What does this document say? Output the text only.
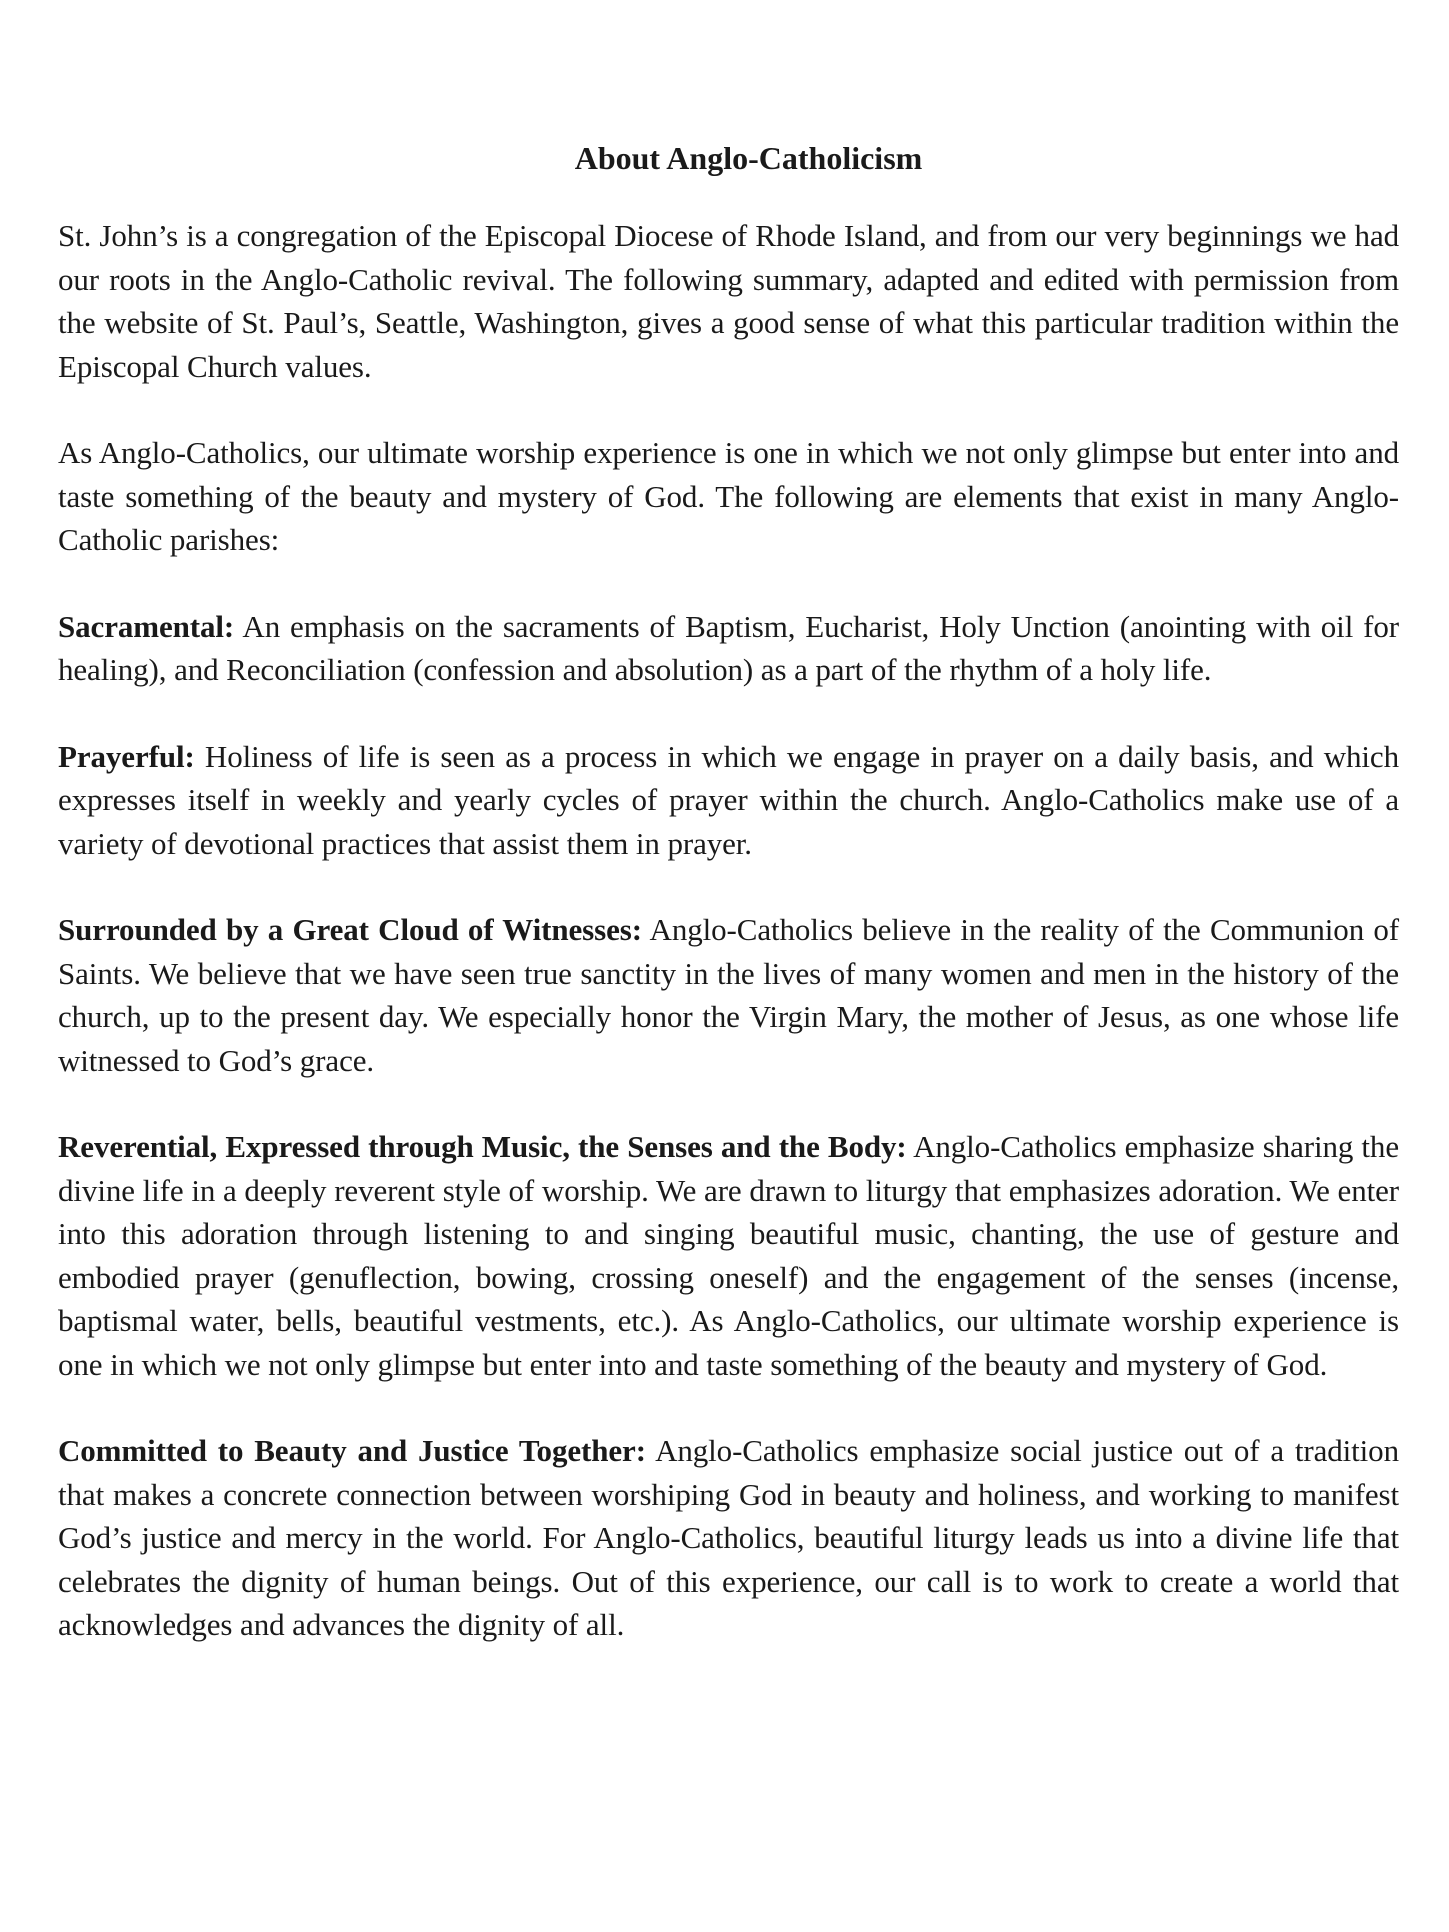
About Anglo-Catholicism

St. John’s is a congregation of the Episcopal Diocese of Rhode Island, and from our very beginnings we had our roots in the Anglo-Catholic revival. The following summary, adapted and edited with permission from the website of St. Paul’s, Seattle, Washington, gives a good sense of what this particular tradition within the Episcopal Church values.

As Anglo-Catholics, our ultimate worship experience is one in which we not only glimpse but enter into and taste something of the beauty and mystery of God. The following are elements that exist in many Anglo-Catholic parishes:

Sacramental: An emphasis on the sacraments of Baptism, Eucharist, Holy Unction (anointing with oil for healing), and Reconciliation (confession and absolution) as a part of the rhythm of a holy life.

Prayerful: Holiness of life is seen as a process in which we engage in prayer on a daily basis, and which expresses itself in weekly and yearly cycles of prayer within the church. Anglo-Catholics make use of a variety of devotional practices that assist them in prayer.

Surrounded by a Great Cloud of Witnesses: Anglo-Catholics believe in the reality of the Communion of Saints. We believe that we have seen true sanctity in the lives of many women and men in the history of the church, up to the present day. We especially honor the Virgin Mary, the mother of Jesus, as one whose life witnessed to God’s grace.

Reverential, Expressed through Music, the Senses and the Body: Anglo-Catholics emphasize sharing the divine life in a deeply reverent style of worship. We are drawn to liturgy that emphasizes adoration. We enter into this adoration through listening to and singing beautiful music, chanting, the use of gesture and embodied prayer (genuflection, bowing, crossing oneself) and the engagement of the senses (incense, baptismal water, bells, beautiful vestments, etc.). As Anglo-Catholics, our ultimate worship experience is one in which we not only glimpse but enter into and taste something of the beauty and mystery of God.

Committed to Beauty and Justice Together: Anglo-Catholics emphasize social justice out of a tradition that makes a concrete connection between worshiping God in beauty and holiness, and working to manifest God’s justice and mercy in the world. For Anglo-Catholics, beautiful liturgy leads us into a divine life that celebrates the dignity of human beings. Out of this experience, our call is to work to create a world that acknowledges and advances the dignity of all.
